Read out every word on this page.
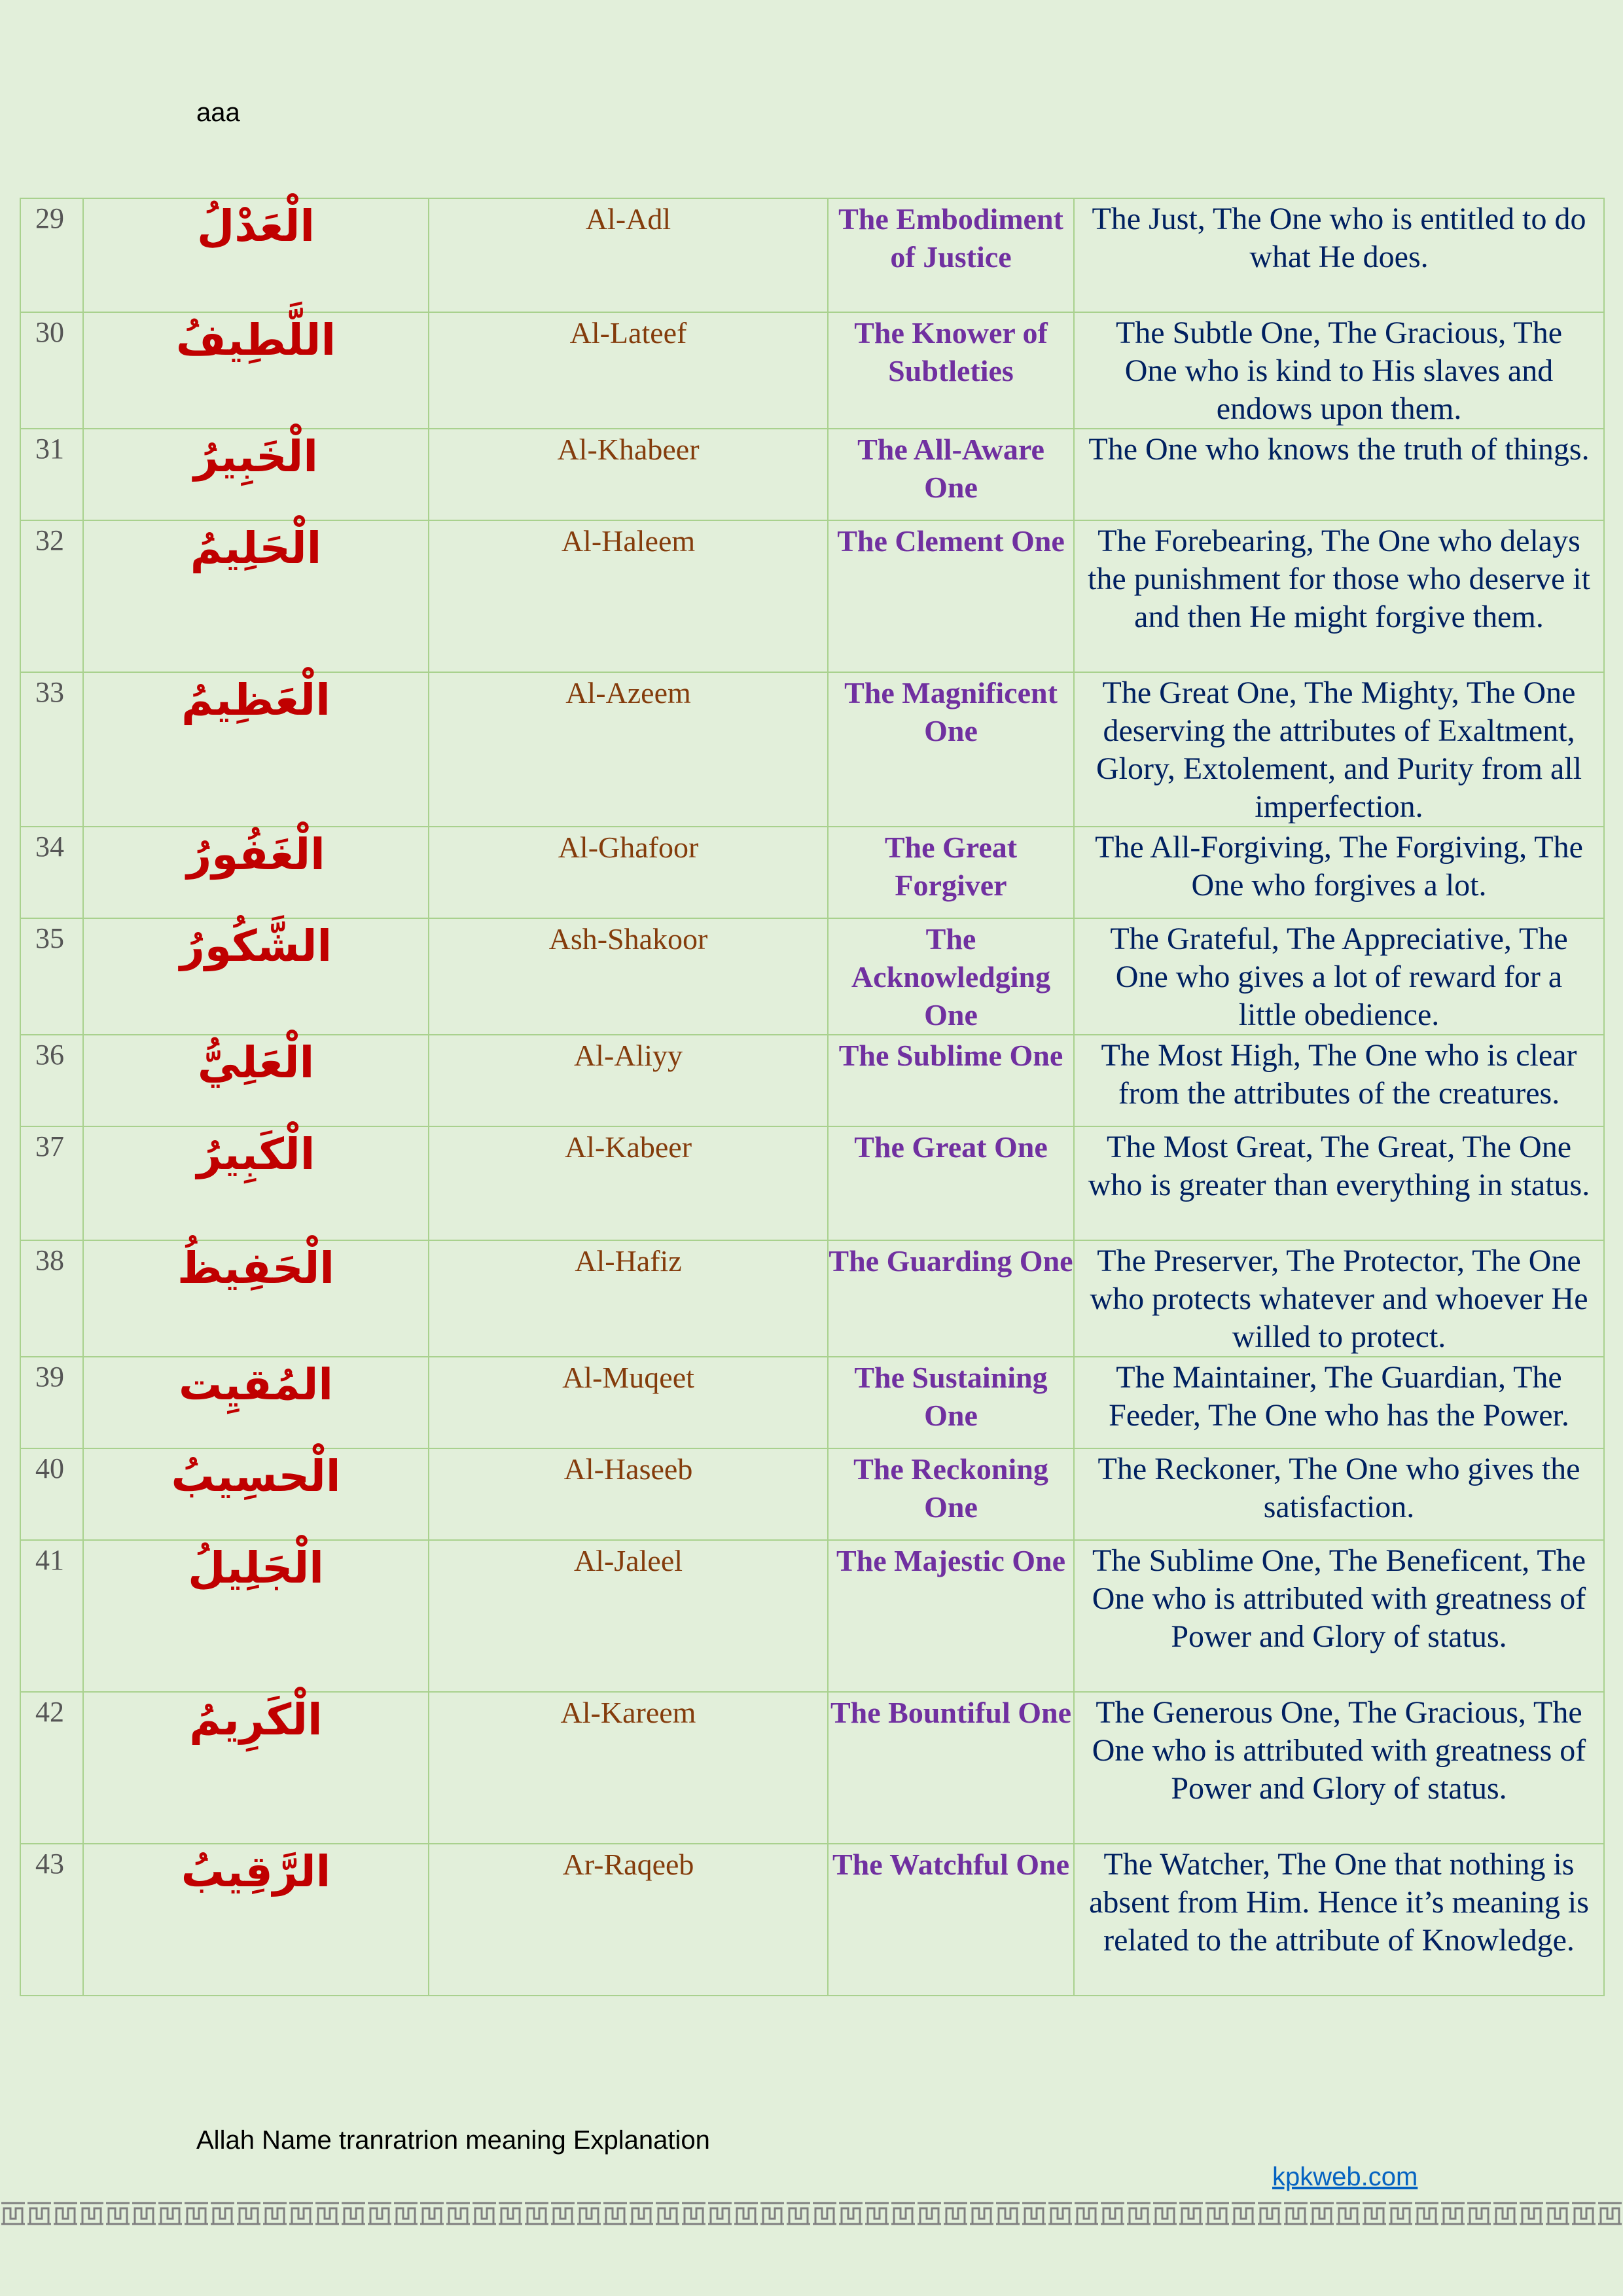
aaa
29	الْعَدْلُ	Al-Adl	The Embodiment of Justice	The Just, The One who is entitled to do what He does.
30	اللَّطِيفُ	Al-Lateef	The Knower of Subtleties	The Subtle One, The Gracious, The One who is kind to His slaves and endows upon them.
31	الْخَبِيرُ	Al-Khabeer	The All-Aware One	The One who knows the truth of things.
32	الْحَلِيمُ	Al-Haleem	The Clement One	The Forebearing, The One who delays the punishment for those who deserve it and then He might forgive them.
33	الْعَظِيمُ	Al-Azeem	The Magnificent One	The Great One, The Mighty, The One deserving the attributes of Exaltment, Glory, Extolement, and Purity from all imperfection.
34	الْغَفُورُ	Al-Ghafoor	The Great Forgiver	The All-Forgiving, The Forgiving, The One who forgives a lot.
35	الشَّكُورُ	Ash-Shakoor	The Acknowledging One	The Grateful, The Appreciative, The One who gives a lot of reward for a little obedience.
36	الْعَلِيُّ	Al-Aliyy	The Sublime One	The Most High, The One who is clear from the attributes of the creatures.
37	الْكَبِيرُ	Al-Kabeer	The Great One	The Most Great, The Great, The One who is greater than everything in status.
38	الْحَفِيظُ	Al-Hafiz	The Guarding One	The Preserver, The Protector, The One who protects whatever and whoever He willed to protect.
39	المُقيِت	Al-Muqeet	The Sustaining One	The Maintainer, The Guardian, The Feeder, The One who has the Power.
40	الْحسِيبُ	Al-Haseeb	The Reckoning One	The Reckoner, The One who gives the satisfaction.
41	الْجَلِيلُ	Al-Jaleel	The Majestic One	The Sublime One, The Beneficent, The One who is attributed with greatness of Power and Glory of status.
42	الْكَرِيمُ	Al-Kareem	The Bountiful One	The Generous One, The Gracious, The One who is attributed with greatness of Power and Glory of status.
43	الرَّقِيبُ	Ar-Raqeeb	The Watchful One	The Watcher, The One that nothing is absent from Him. Hence it’s meaning is related to the attribute of Knowledge.
Allah Name tranratrion meaning Explanation
kpkweb.com
